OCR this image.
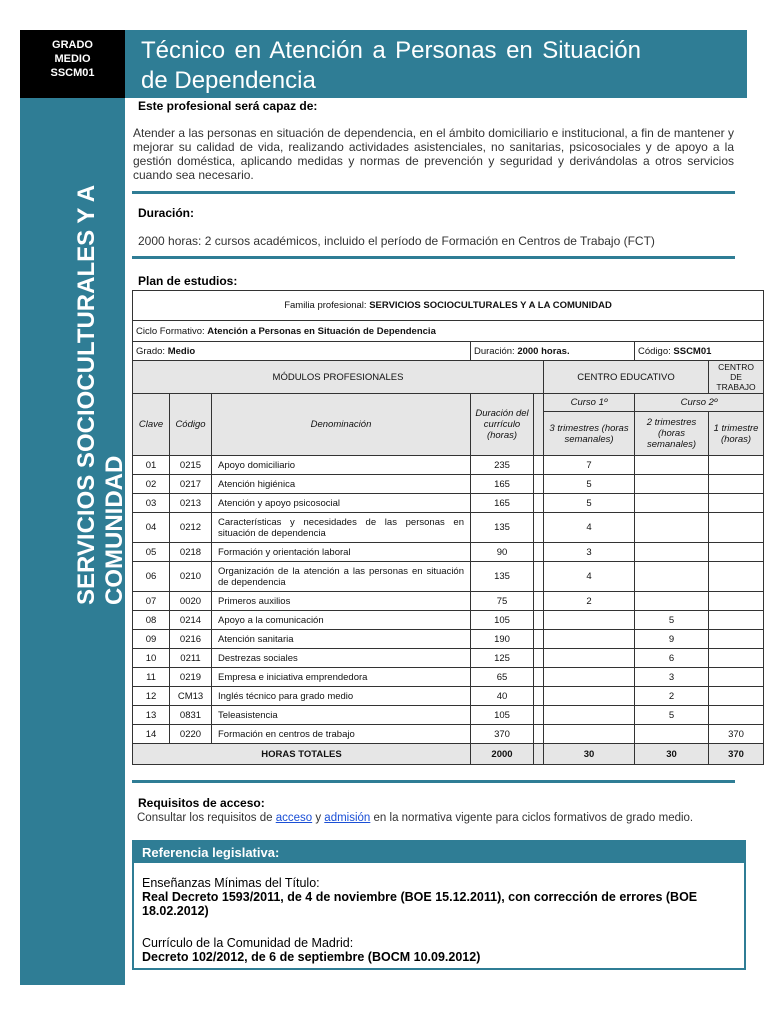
GRADO
MEDIO
SSCM01
SERVICIOS SOCIOCULTURALES Y A COMUNIDAD
Técnico en Atención a Personas en Situación de Dependencia
Este profesional será capaz de:
Atender a las personas en situación de dependencia, en el ámbito domiciliario e institucional, a fin de mantener y mejorar su calidad de vida, realizando actividades asistenciales, no sanitarias, psicosociales y de apoyo a la gestión doméstica, aplicando medidas y normas de prevención y seguridad y derivándolas a otros servicios cuando sea necesario.
Duración:
2000 horas: 2 cursos académicos, incluido el período de Formación en Centros de Trabajo (FCT)
Plan de estudios:
Familia profesional: SERVICIOS SOCIOCULTURALES Y A LA COMUNIDAD							
Ciclo Formativo: Atención a Personas en Situación de Dependencia							
Grado: Medio			Duración: 2000 horas.			Código: SSCM01	
MÓDULOS PROFESIONALES					CENTRO EDUCATIVO		CENTRO DE TRABAJO
Clave	Código	Denominación	Duración del currículo (horas)		Curso 1º	Curso 2º	
					3 trimestres (horas semanales)	2 trimestres (horas semanales)	1 trimestre (horas)
01	0215	Apoyo domiciliario	235		7		
02	0217	Atención higiénica	165		5		
03	0213	Atención y apoyo psicosocial	165		5		
04	0212	Características y necesidades de las personas en situación de dependencia	135		4		
05	0218	Formación y orientación laboral	90		3		
06	0210	Organización de la atención a las personas en situación de dependencia	135		4		
07	0020	Primeros auxilios	75		2		
08	0214	Apoyo a la comunicación	105			5	
09	0216	Atención sanitaria	190			9	
10	0211	Destrezas sociales	125			6	
11	0219	Empresa e iniciativa emprendedora	65			3	
12	CM13	Inglés técnico para grado medio	40			2	
13	0831	Teleasistencia	105			5	
14	0220	Formación en centros de trabajo	370				370
HORAS TOTALES			2000		30	30	370
Requisitos de acceso:
Consultar los requisitos de acceso y admisión en la normativa vigente para ciclos formativos de grado medio.
Referencia legislativa:
Enseñanzas Mínimas del Título:
Real Decreto 1593/2011, de 4 de noviembre (BOE 15.12.2011), con corrección de errores (BOE 18.02.2012)
Currículo de la Comunidad de Madrid:
Decreto 102/2012, de 6 de septiembre (BOCM 10.09.2012)
